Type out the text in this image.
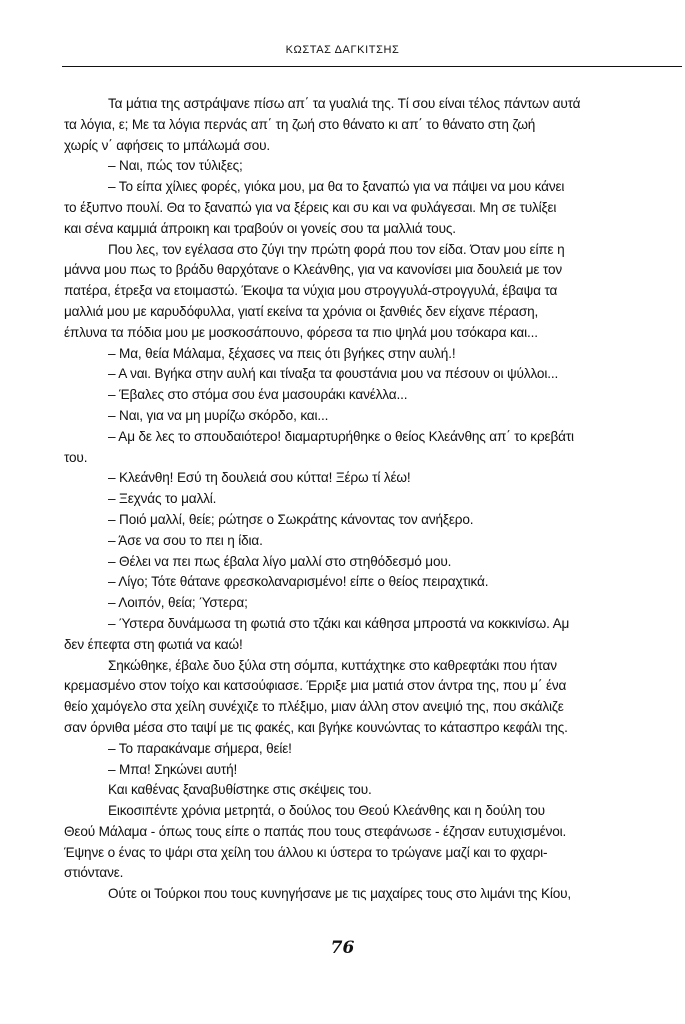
ΚΩΣΤΑΣ ΔΑΓΚΙΤΣΗΣ
Τα μάτια της αστράψανε πίσω απ΄ τα γυαλιά της. Τί σου είναι τέλος πάντων αυτά
τα λόγια, ε; Με τα λόγια περνάς απ΄ τη ζωή στο θάνατο κι απ΄ το θάνατο στη ζωή
χωρίς ν΄ αφήσεις το μπάλωμά σου.
– Ναι, πώς τον τύλιξες;
– Το είπα χίλιες φορές, γιόκα μου, μα θα το ξαναπώ για να πάψει να μου κάνει
το έξυπνο πουλί. Θα το ξαναπώ για να ξέρεις και συ και να φυλάγεσαι. Μη σε τυλίξει
και σένα καμμιά άπροικη και τραβούν οι γονείς σου τα μαλλιά τους.
Που λες, τον εγέλασα στο ζύγι την πρώτη φορά που τον είδα. Όταν μου είπε η
μάννα μου πως το βράδυ θαρχότανε ο Κλεάνθης, για να κανονίσει μια δουλειά με τον
πατέρα, έτρεξα να ετοιμαστώ. Έκοψα τα νύχια μου στρογγυλά-στρογγυλά, έβαψα τα
μαλλιά μου με καρυδόφυλλα, γιατί εκείνα τα χρόνια οι ξανθιές δεν είχανε πέραση,
έπλυνα τα πόδια μου με μοσκοσάπουνο, φόρεσα τα πιο ψηλά μου τσόκαρα και...
– Μα, θεία Μάλαμα, ξέχασες να πεις ότι βγήκες στην αυλή.!
– Α ναι. Βγήκα στην αυλή και τίναξα τα φουστάνια μου να πέσουν οι ψύλλοι...
– Έβαλες στο στόμα σου ένα μασουράκι κανέλλα...
– Ναι, για να μη μυρίζω σκόρδο, και...
– Αμ δε λες το σπουδαιότερο! διαμαρτυρήθηκε ο θείος Κλεάνθης απ΄ το κρεβάτι
του.
– Κλεάνθη! Εσύ τη δουλειά σου κύττα! Ξέρω τί λέω!
– Ξεχνάς το μαλλί.
– Ποιό μαλλί, θείε; ρώτησε ο Σωκράτης κάνοντας τον ανήξερο.
– Άσε να σου το πει η ίδια.
– Θέλει να πει πως έβαλα λίγο μαλλί στο στηθόδεσμό μου.
– Λίγο; Τότε θάτανε φρεσκολαναρισμένο! είπε ο θείος πειραχτικά.
– Λοιπόν, θεία; Ύστερα;
– Ύστερα δυνάμωσα τη φωτιά στο τζάκι και κάθησα μπροστά να κοκκινίσω. Αμ
δεν έπεφτα στη φωτιά να καώ!
Σηκώθηκε, έβαλε δυο ξύλα στη σόμπα, κυττάχτηκε στο καθρεφτάκι που ήταν
κρεμασμένο στον τοίχο και κατσούφιασε. Έρριξε μια ματιά στον άντρα της, που μ΄ ένα
θείο χαμόγελο στα χείλη συνέχιζε το πλέξιμο, μιαν άλλη στον ανεψιό της, που σκάλιζε
σαν όρνιθα μέσα στο ταψί με τις φακές, και βγήκε κουνώντας το κάτασπρο κεφάλι της.
– Το παρακάναμε σήμερα, θείε!
– Μπα! Σηκώνει αυτή!
Και καθένας ξαναβυθίστηκε στις σκέψεις του.
Εικοσιπέντε χρόνια μετρητά, ο δούλος του Θεού Κλεάνθης και η δούλη του
Θεού Μάλαμα - όπως τους είπε ο παπάς που τους στεφάνωσε - έζησαν ευτυχισμένοι.
Έψηνε ο ένας το ψάρι στα χείλη του άλλου κι ύστερα το τρώγανε μαζί και το φχαρι-
στιόντανε.
Ούτε οι Τούρκοι που τους κυνηγήσανε με τις μαχαίρες τους στο λιμάνι της Κίου,
76
